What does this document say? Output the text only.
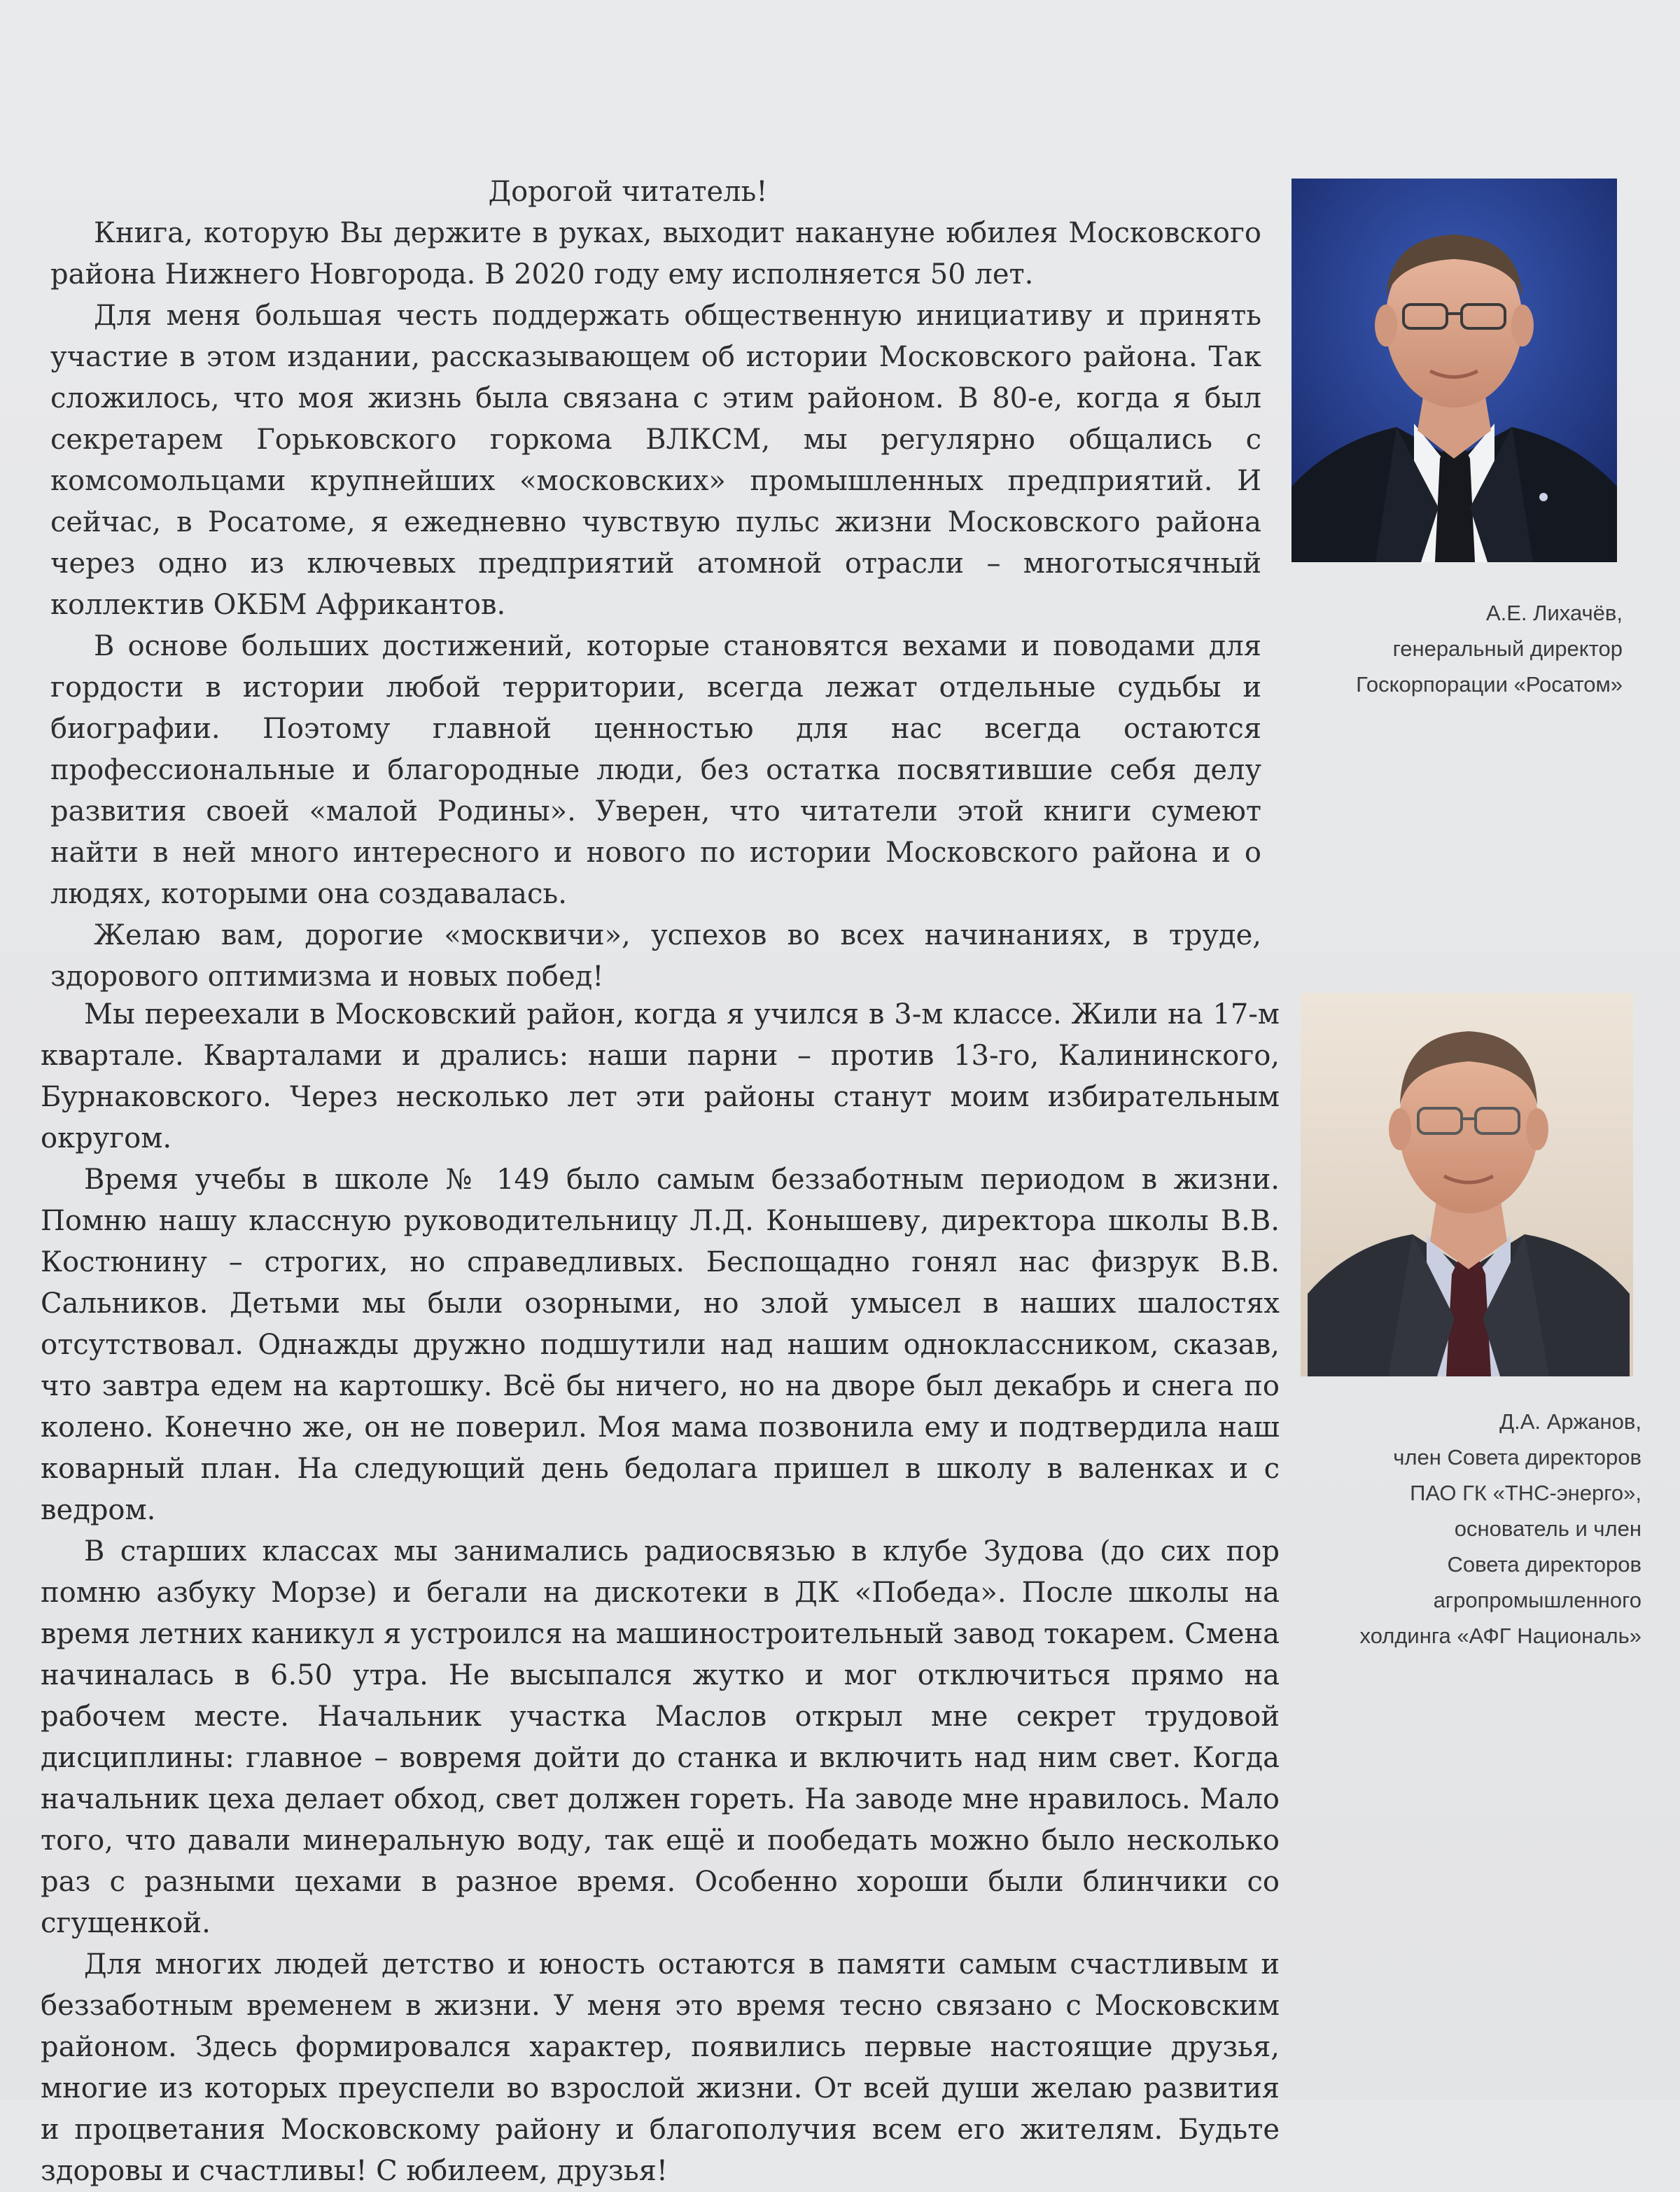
Дорогой читатель!

Книга, которую Вы держите в руках, выходит накануне юбилея Московского района Нижнего Новгорода. В 2020 году ему исполняется 50 лет.

Для меня большая честь поддержать общественную инициативу и принять участие в этом издании, рассказывающем об истории Московского района. Так сложилось, что моя жизнь была связана с этим районом. В 80-е, когда я был секретарем Горьковского горкома ВЛКСМ, мы регулярно общались с комсомольцами крупнейших «московских» промышленных предприятий. И сейчас, в Росатоме, я ежедневно чувствую пульс жизни Московского района через одно из ключевых предприятий атомной отрасли – многотысячный коллектив ОКБМ Африкантов.

В основе больших достижений, которые становятся вехами и поводами для гордости в истории любой территории, всегда лежат отдельные судьбы и биографии. Поэтому главной ценностью для нас всегда остаются профессиональные и благородные люди, без остатка посвятившие себя делу развития своей «малой Родины». Уверен, что читатели этой книги сумеют найти в ней много интересного и нового по истории Московского района и о людях, которыми она создавалась.

Желаю вам, дорогие «москвичи», успехов во всех начинаниях, в труде, здорового оптимизма и новых побед!

А.Е. Лихачёв,
генеральный директор
Госкорпорации «Росатом»

Мы переехали в Московский район, когда я учился в 3-м классе. Жили на 17-м квартале. Кварталами и дрались: наши парни – против 13-го, Калининского, Бурнаковского. Через несколько лет эти районы станут моим избирательным округом.

Время учебы в школе № 149 было самым беззаботным периодом в жизни. Помню нашу классную руководительницу Л.Д. Конышеву, директора школы В.В. Костюнину – строгих, но справедливых. Беспощадно гонял нас физрук В.В. Сальников. Детьми мы были озорными, но злой умысел в наших шалостях отсутствовал. Однажды дружно подшутили над нашим одноклассником, сказав, что завтра едем на картошку. Всё бы ничего, но на дворе был декабрь и снега по колено. Конечно же, он не поверил. Моя мама позвонила ему и подтвердила наш коварный план. На следующий день бедолага пришел в школу в валенках и с ведром.

В старших классах мы занимались радиосвязью в клубе Зудова (до сих пор помню азбуку Морзе) и бегали на дискотеки в ДК «Победа». После школы на время летних каникул я устроился на машиностроительный завод токарем. Смена начиналась в 6.50 утра. Не высыпался жутко и мог отключиться прямо на рабочем месте. Начальник участка Маслов открыл мне секрет трудовой дисциплины: главное – вовремя дойти до станка и включить над ним свет. Когда начальник цеха делает обход, свет должен гореть. На заводе мне нравилось. Мало того, что давали минеральную воду, так ещё и пообедать можно было несколько раз с разными цехами в разное время. Особенно хороши были блинчики со сгущенкой.

Для многих людей детство и юность остаются в памяти самым счастливым и беззаботным временем в жизни. У меня это время тесно связано с Московским районом. Здесь формировался характер, появились первые настоящие друзья, многие из которых преуспели во взрослой жизни. От всей души желаю развития и процветания Московскому району и благополучия всем его жителям. Будьте здоровы и счастливы! С юбилеем, друзья!

Д.А. Аржанов,
член Совета директоров
ПАО ГК «ТНС-энерго»,
основатель и член
Совета директоров
агропромышленного
холдинга «АФГ Националь»
